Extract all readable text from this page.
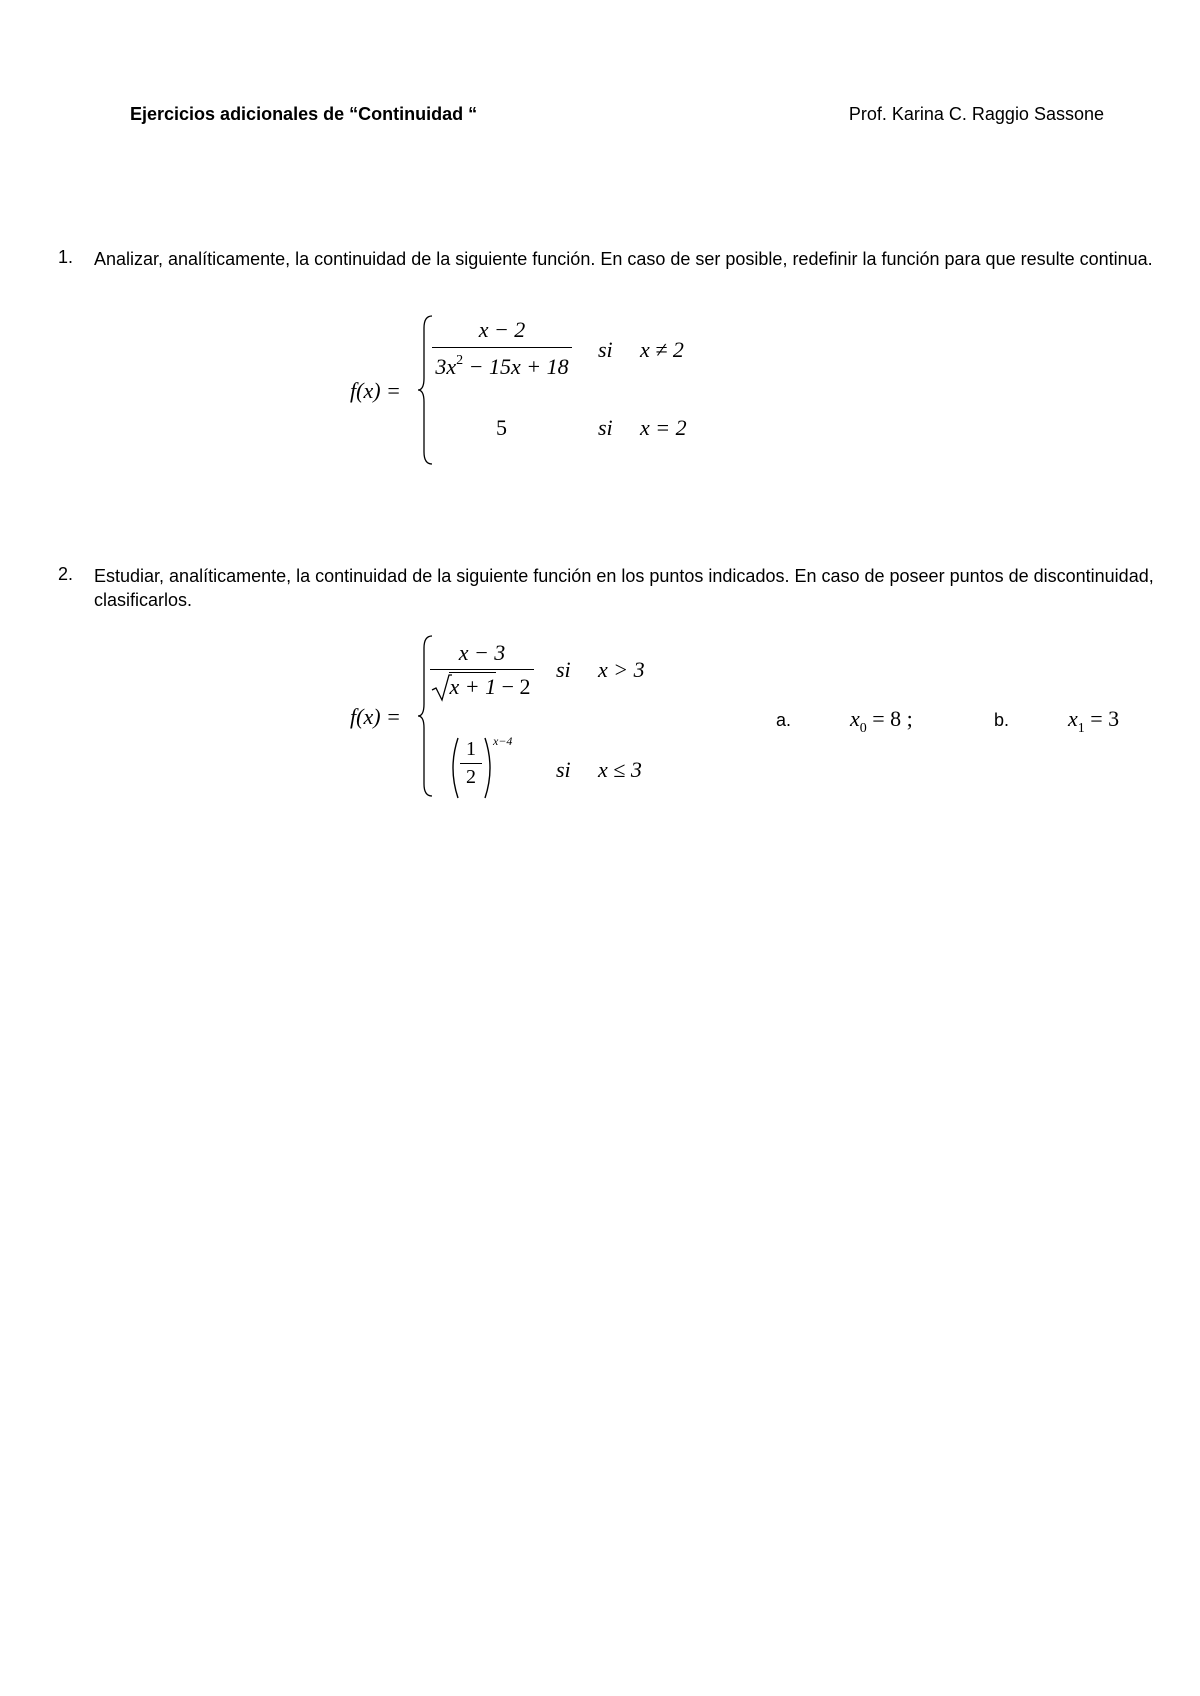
Ejercicios adicionales de “Continuidad “	Prof. Karina C. Raggio Sassone
1. Analizar, analíticamente, la continuidad de la siguiente función. En caso de ser posible, redefinir la función para que resulte continua.
f(x) =
x − 2
$3x^2 - 15x + 18$
si x ≠ 2
5	si x = 2
2. Estudiar, analíticamente, la continuidad de la siguiente función en los puntos indicados. En caso de poseer puntos de discontinuidad, clasificarlos.
f(x) =
x − 3
x + 1 − 2
si x > 3
1
2
x−4
si x ≤ 3
a.	$x_0 = 8$ ;	b.	$x_1 = 3$
